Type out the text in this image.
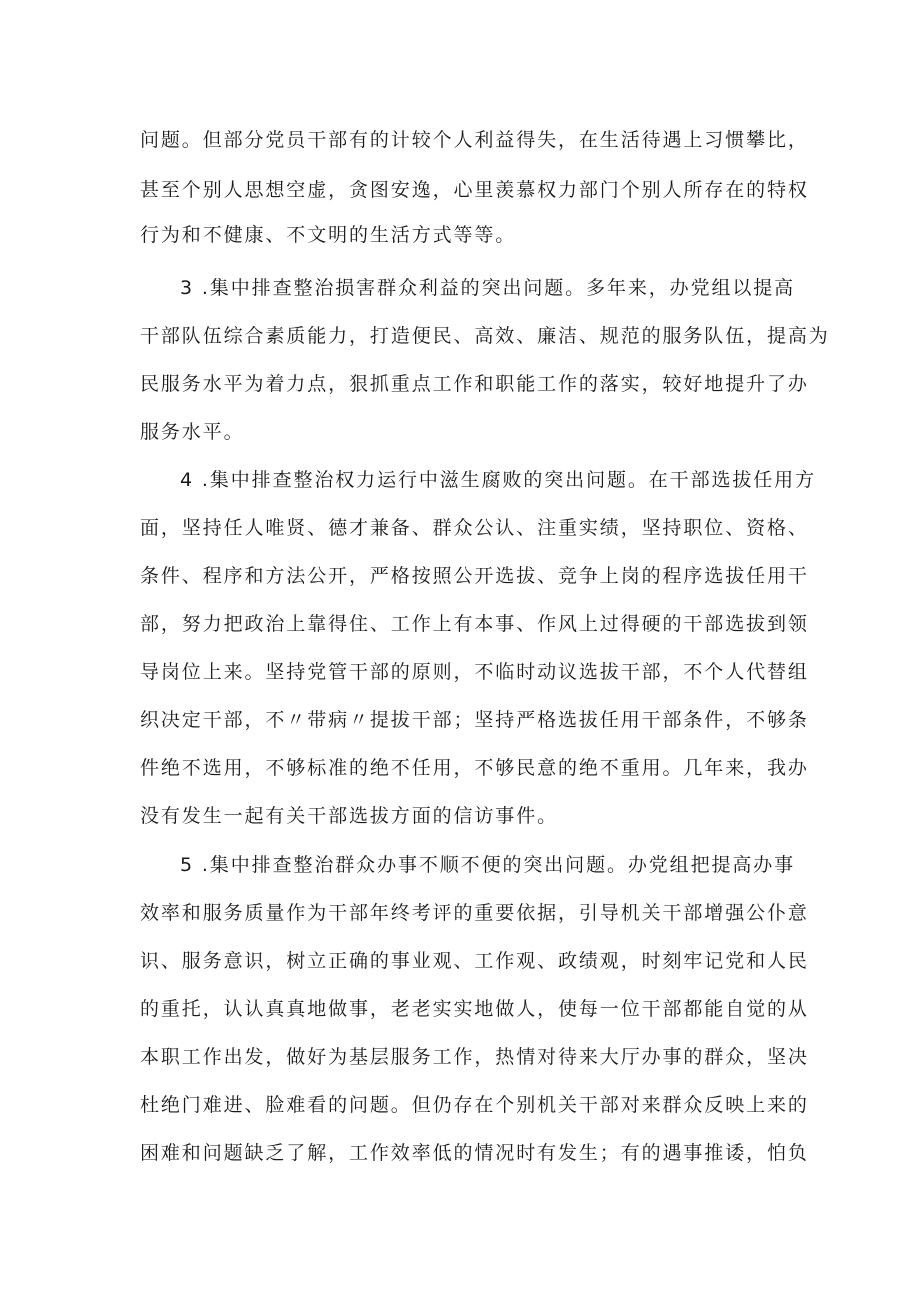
问题。但部分党员干部有的计较个人利益得失，在生活待遇上习惯攀比，

甚至个别人思想空虚，贪图安逸，心里羡慕权力部门个别人所存在的特权

行为和不健康、不文明的生活方式等等。

3 .集中排查整治损害群众利益的突出问题。多年来，办党组以提高

干部队伍综合素质能力，打造便民、高效、廉洁、规范的服务队伍，提高为

民服务水平为着力点，狠抓重点工作和职能工作的落实，较好地提升了办

服务水平。

4 .集中排查整治权力运行中滋生腐败的突出问题。在干部选拔任用方

面，坚持任人唯贤、德才兼备、群众公认、注重实绩，坚持职位、资格、

条件、程序和方法公开，严格按照公开选拔、竞争上岗的程序选拔任用干

部，努力把政治上靠得住、工作上有本事、作风上过得硬的干部选拔到领

导岗位上来。坚持党管干部的原则，不临时动议选拔干部，不个人代替组

织决定干部，不〃带病〃提拔干部；坚持严格选拔任用干部条件，不够条

件绝不选用，不够标准的绝不任用，不够民意的绝不重用。几年来，我办

没有发生一起有关干部选拔方面的信访事件。

5 .集中排查整治群众办事不顺不便的突出问题。办党组把提高办事

效率和服务质量作为干部年终考评的重要依据，引导机关干部增强公仆意

识、服务意识，树立正确的事业观、工作观、政绩观，时刻牢记党和人民

的重托，认认真真地做事，老老实实地做人，使每一位干部都能自觉的从

本职工作出发，做好为基层服务工作，热情对待来大厅办事的群众，坚决

杜绝门难进、脸难看的问题。但仍存在个别机关干部对来群众反映上来的

困难和问题缺乏了解，工作效率低的情况时有发生；有的遇事推诿，怕负
